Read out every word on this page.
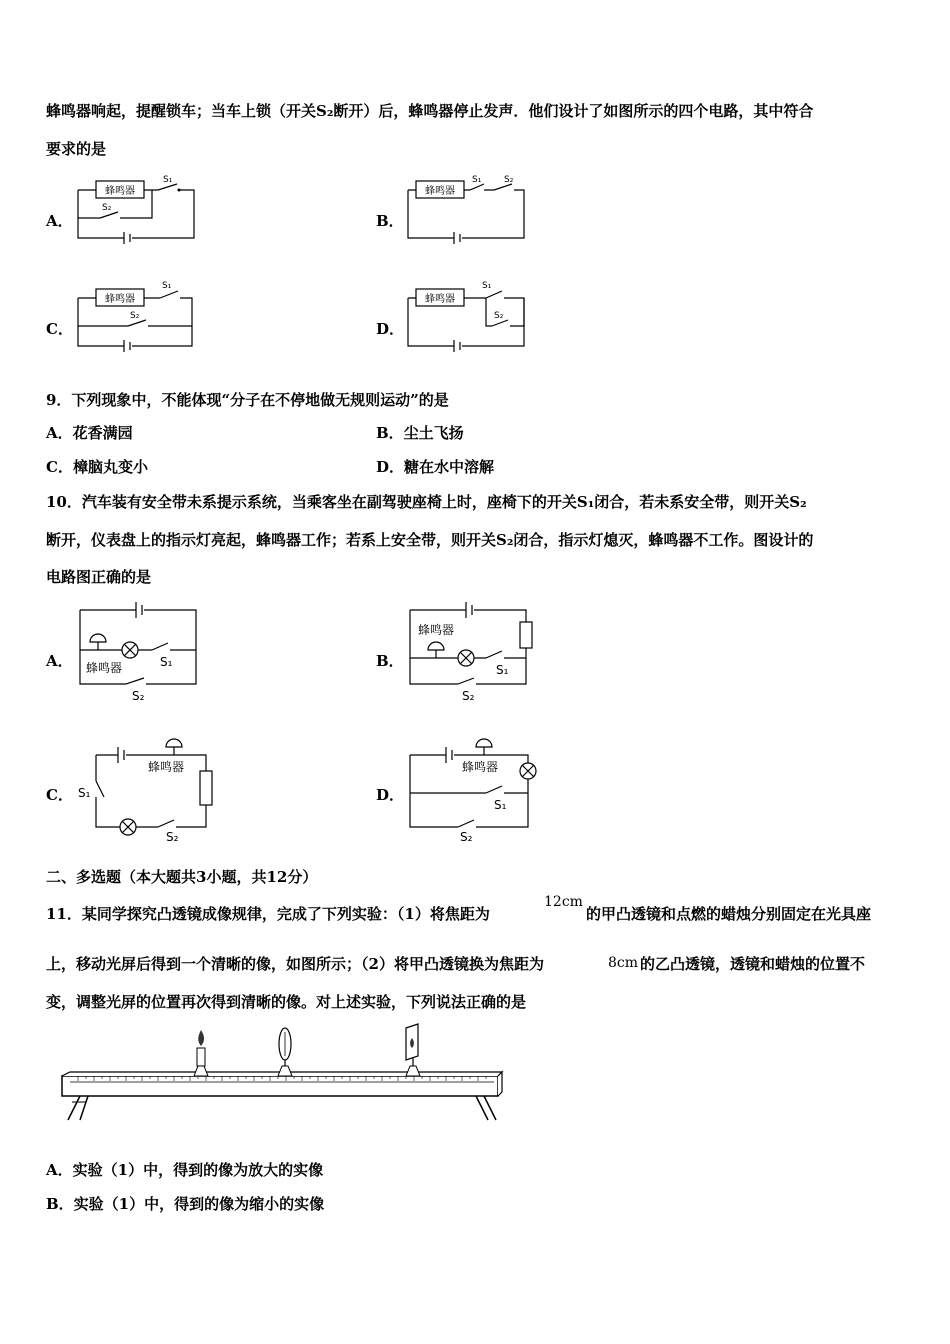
蜂鸣器响起，提醒锁车；当车上锁（开关S₂断开）后，蜂鸣器停止发声．他们设计了如图所示的四个电路，其中符合
要求的是
A．	B．
C．	D．
蜂鸣器
S₁
S₂
蜂鸣器
S₁	S₂
蜂鸣器
S₁
S₂
蜂鸣器
S₁
S₂
9．下列现象中，不能体现“分子在不停地做无规则运动”的是
A．花香满园	B．尘土飞扬
C．樟脑丸变小	D．糖在水中溶解
10．汽车装有安全带未系提示系统，当乘客坐在副驾驶座椅上时，座椅下的开关S₁闭合，若未系安全带，则开关S₂
断开，仪表盘上的指示灯亮起，蜂鸣器工作；若系上安全带，则开关S₂闭合，指示灯熄灭，蜂鸣器不工作。图设计的
电路图正确的是
A．	B．
C．	D．
蜂鸣器	S₁
S₂
蜂鸣器
S₁
S₂
蜂鸣器
S₁
S₂
蜂鸣器
S₁
S₂
二、多选题（本大题共3小题，共12分）
11．某同学探究凸透镜成像规律，完成了下列实验：（1）将焦距为
12cm
的甲凸透镜和点燃的蜡烛分别固定在光具座
上，移动光屏后得到一个清晰的像，如图所示；（2）将甲凸透镜换为焦距为	8cm 的乙凸透镜，透镜和蜡烛的位置不
变，调整光屏的位置再次得到清晰的像。对上述实验，下列说法正确的是
A．实验（1）中，得到的像为放大的实像
B．实验（1）中，得到的像为缩小的实像
